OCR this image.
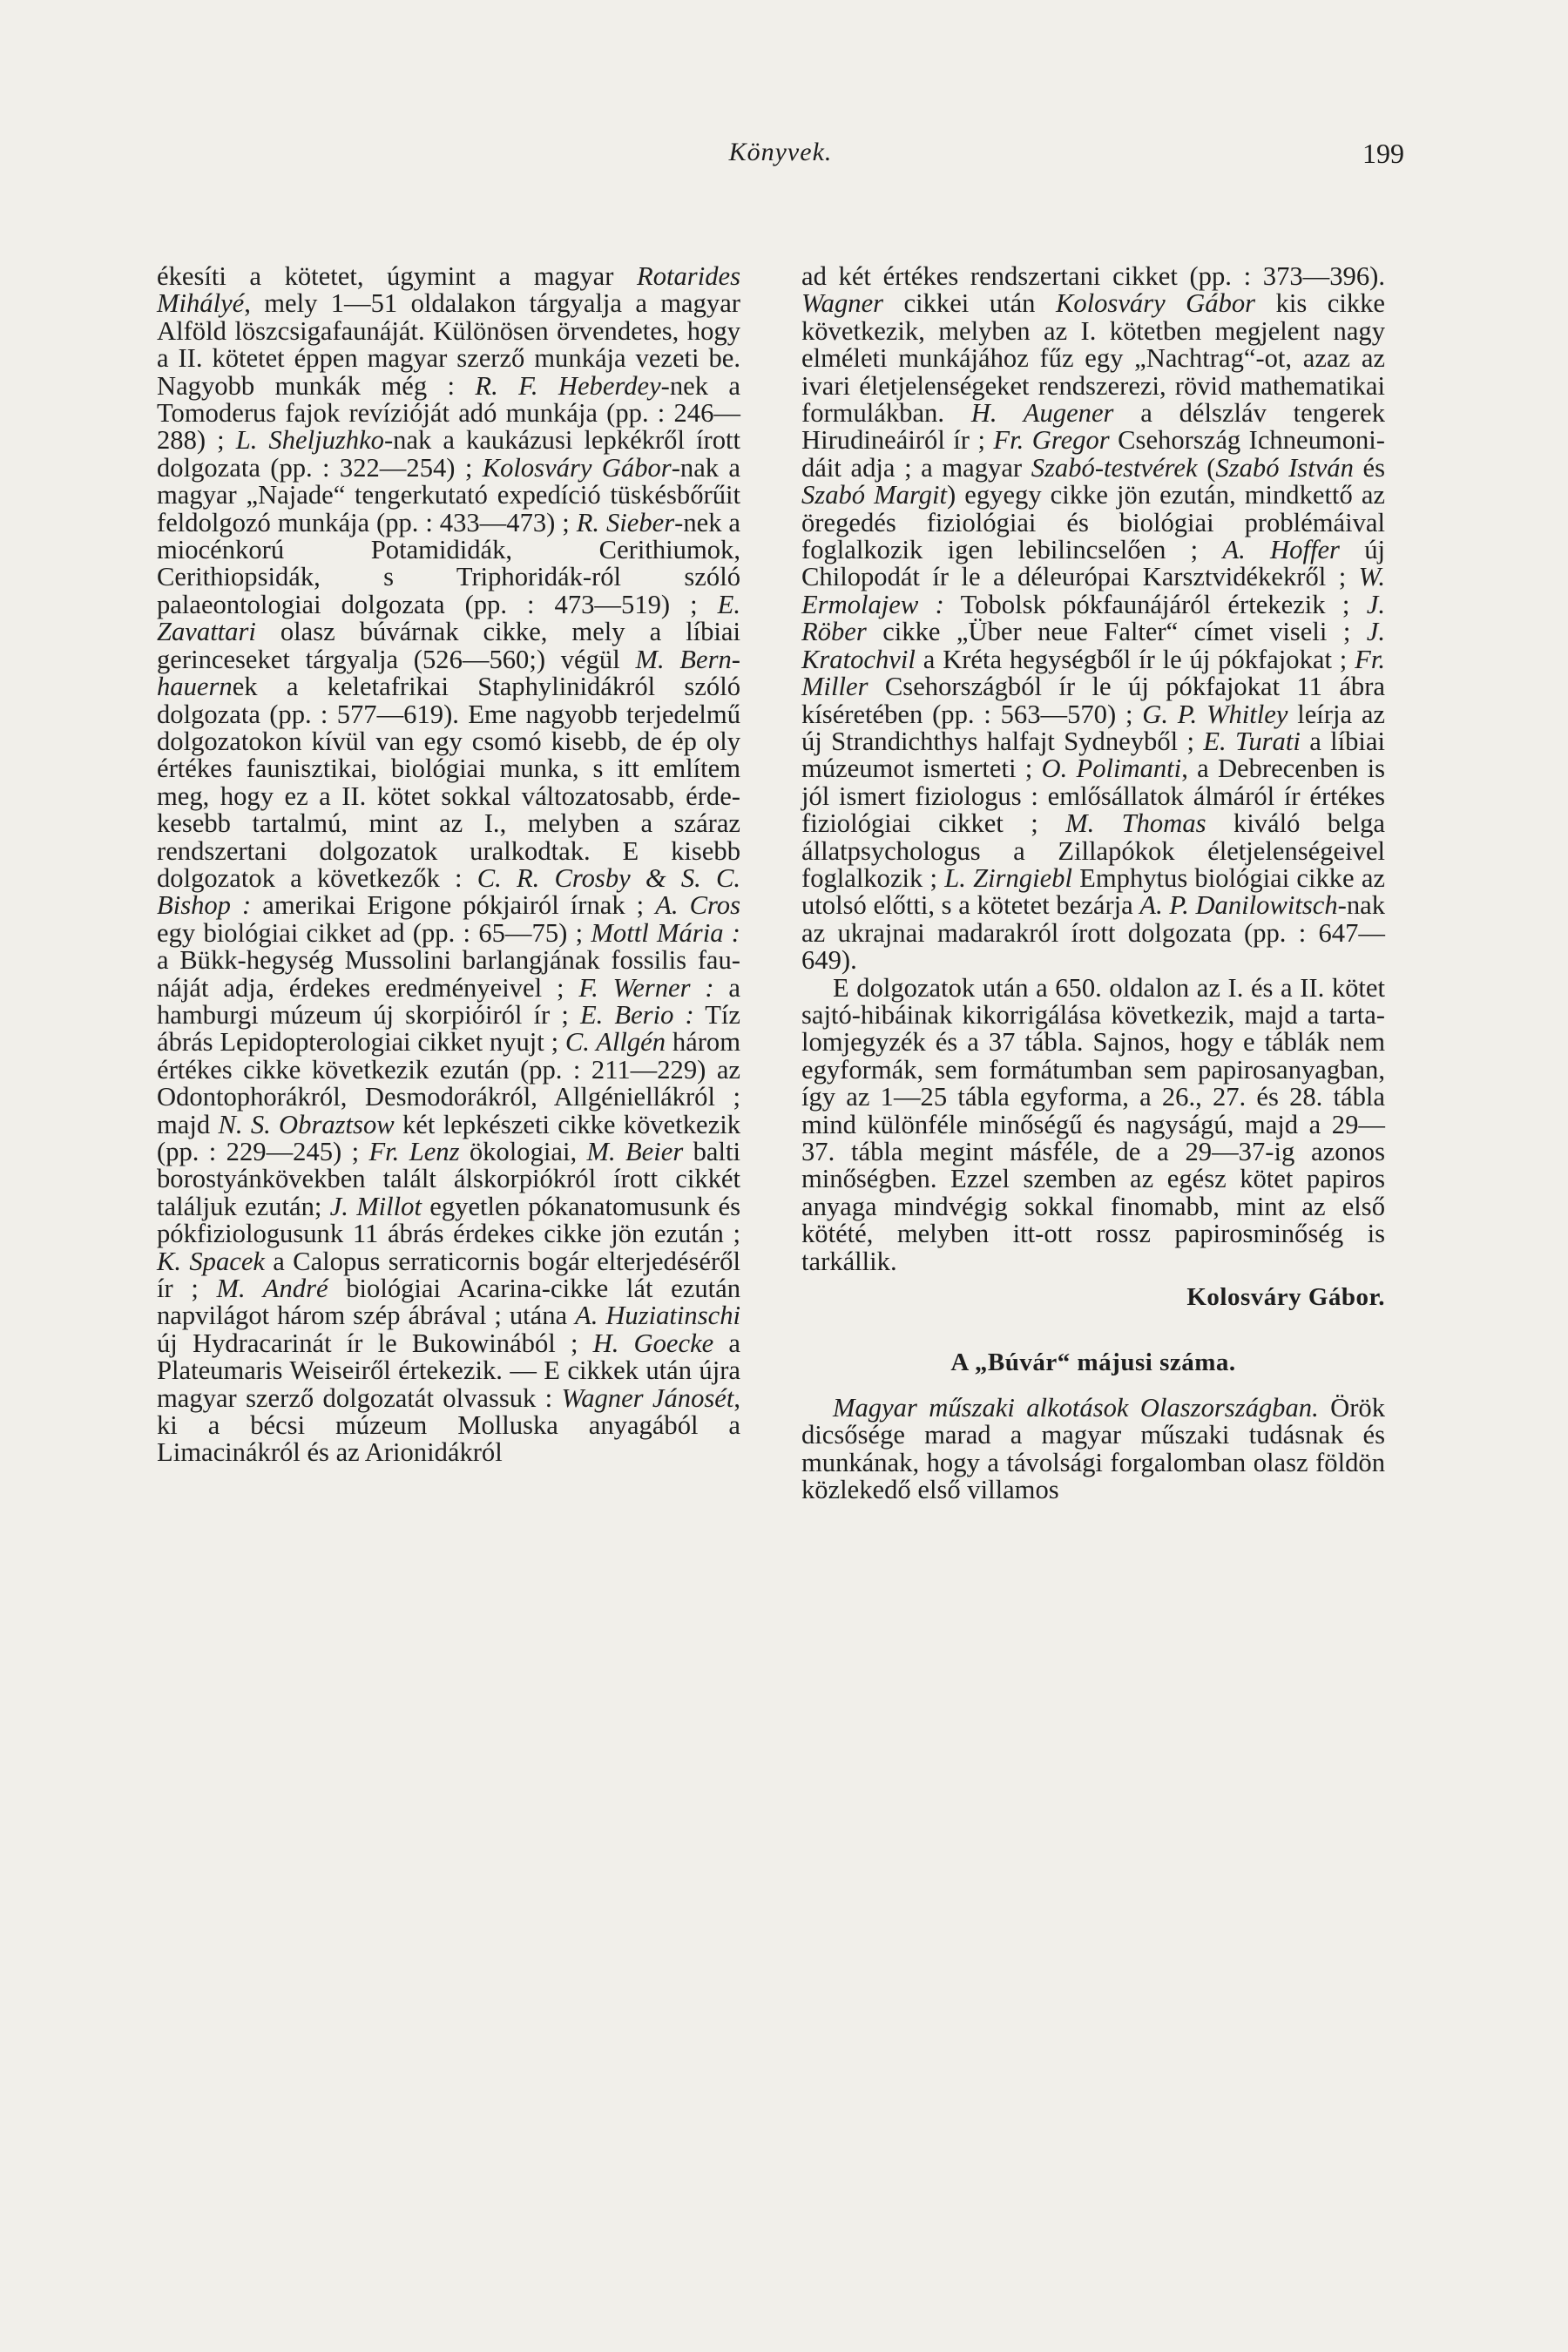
Könyvek.	199

ékesíti a kötetet, úgymint a magyar Rotarides Mihályé, mely 1—51 oldalakon tárgyalja a magyar Alföld löszcsigafaunáját. Különösen örvendetes, hogy a II. kötetet éppen magyar szerző munkája vezeti be. Nagyobb munkák még : R. F. Heberdey-nek a Tomoderus fajok revízióját adó munkája (pp. : 246—288) ; L. Sheljuzhko-nak a kaukázusi lepkékről írott dolgozata (pp. : 322—254) ; Kolosváry Gábor-nak a magyar „Najade“ tengerkutató expedíció tüskésbőrűit feldolgozó munkája (pp. : 433—473) ; R. Sieber-nek a miocénkorú Potamididák, Cerithiumok, Cerithiopsidák, s Triphoridák-ról szóló palaeontologiai dolgozata (pp. : 473—519) ; E. Zavattari olasz búvárnak cikke, mely a líbiai gerinceseket tárgyalja (526—560;) végül M. Bernhauernek a keletafrikai Staphylinidákról szóló dolgozata (pp. : 577—619). Eme nagyobb terjedelmű dolgozatokon kívül van egy csomó kisebb, de ép oly értékes faunisztikai, biológiai munka, s itt említem meg, hogy ez a II. kötet sokkal változatosabb, érdekesebb tartalmú, mint az I., melyben a száraz rendszertani dolgozatok uralkodtak. E kisebb dolgozatok a következők : C. R. Crosby & S. C. Bishop : amerikai Erigone pókjairól írnak ; A. Cros egy biológiai cikket ad (pp. : 65—75) ; Mottl Mária : a Bükk-hegység Mussolini barlangjának fossilis faunáját adja, érdekes eredményeivel ; F. Werner : a hamburgi múzeum új skorpióiról ír ; E. Berio : Tíz ábrás Lepidopterologiai cikket nyujt ; C. Allgén három értékes cikke következik ezután (pp. : 211—229) az Odontophorákról, Desmodorákról, Allgéniellákról ; majd N. S. Obraztsow két lepkészeti cikke következik (pp. : 229—245) ; Fr. Lenz ökologiai, M. Beier balti borostyánkövekben talált álskorpiókról írott cikkét találjuk ezután; J. Millot egyetlen pókanatomusunk és pókfiziologusunk 11 ábrás érdekes cikke jön ezután ; K. Spacek a Calopus serraticornis bogár elterjedéséről ír ; M. André biológiai Acarina-cikke lát ezután napvilágot három szép ábrával ; utána A. Huziatinschi új Hydracarinát ír le Bukowinából ; H. Goecke a Plateumaris Weiseiről értekezik. — E cikkek után újra magyar szerző dolgozatát olvassuk : Wagner Jánosét, ki a bécsi múzeum Molluska anyagából a Limacinákról és az Arionidákról

ad két értékes rendszertani cikket (pp. : 373—396). Wagner cikkei után Kolosváry Gábor kis cikke következik, melyben az I. kötetben megjelent nagy elméleti munkájához fűz egy „Nachtrag“-ot, azaz az ivari életjelenségeket rendszerezi, rövid mathematikai formulákban. H. Augener a délszláv tengerek Hirudineáiról ír ; Fr. Gregor Csehország Ichneumonidáit adja ; a magyar Szabó-testvérek (Szabó István és Szabó Margit) egyegy cikke jön ezután, mindkettő az öregedés fiziológiai és biológiai problémáival foglalkozik igen lebilincselően ; A. Hoffer új Chilopodát ír le a déleurópai Karsztvidékekről ; W. Ermolajew : Tobolsk pókfaunájáról értekezik ; J. Röber cikke „Über neue Falter“ címet viseli ; J. Kratochvil a Kréta hegységből ír le új pókfajokat ; Fr. Miller Csehországból ír le új pókfajokat 11 ábra kíséretében (pp. : 563—570) ; G. P. Whitley leírja az új Strandichthys halfajt Sydneyből ; E. Turati a líbiai múzeumot ismerteti ; O. Polimanti, a Debrecenben is jól ismert fiziologus : emlősállatok álmáról ír értékes fiziológiai cikket ; M. Thomas kiváló belga állatpsychologus a Zillapókok életjelenségeivel foglalkozik ; L. Zirngiebl Emphytus biológiai cikke az utolsó előtti, s a kötetet bezárja A. P. Danilowitsch-nak az ukrajnai madarakról írott dolgozata (pp. : 647—649).

E dolgozatok után a 650. oldalon az I. és a II. kötet sajtó-hibáinak kikorrigálása következik, majd a tartalomjegyzék és a 37 tábla. Sajnos, hogy e táblák nem egyformák, sem formátumban sem papirosanyagban, így az 1—25 tábla egyforma, a 26., 27. és 28. tábla mind különféle minőségű és nagyságú, majd a 29—37. tábla megint másféle, de a 29—37-ig azonos minőségben. Ezzel szemben az egész kötet papiros anyaga mindvégig sokkal finomabb, mint az első kötété, melyben itt-ott rossz papirosminőség is tarkállik.

Kolosváry Gábor.

A „Búvár“ májusi száma.

Magyar műszaki alkotások Olaszországban. Örök dicsősége marad a magyar műszaki tudásnak és munkának, hogy a távolsági forgalomban olasz földön közlekedő első villamos
